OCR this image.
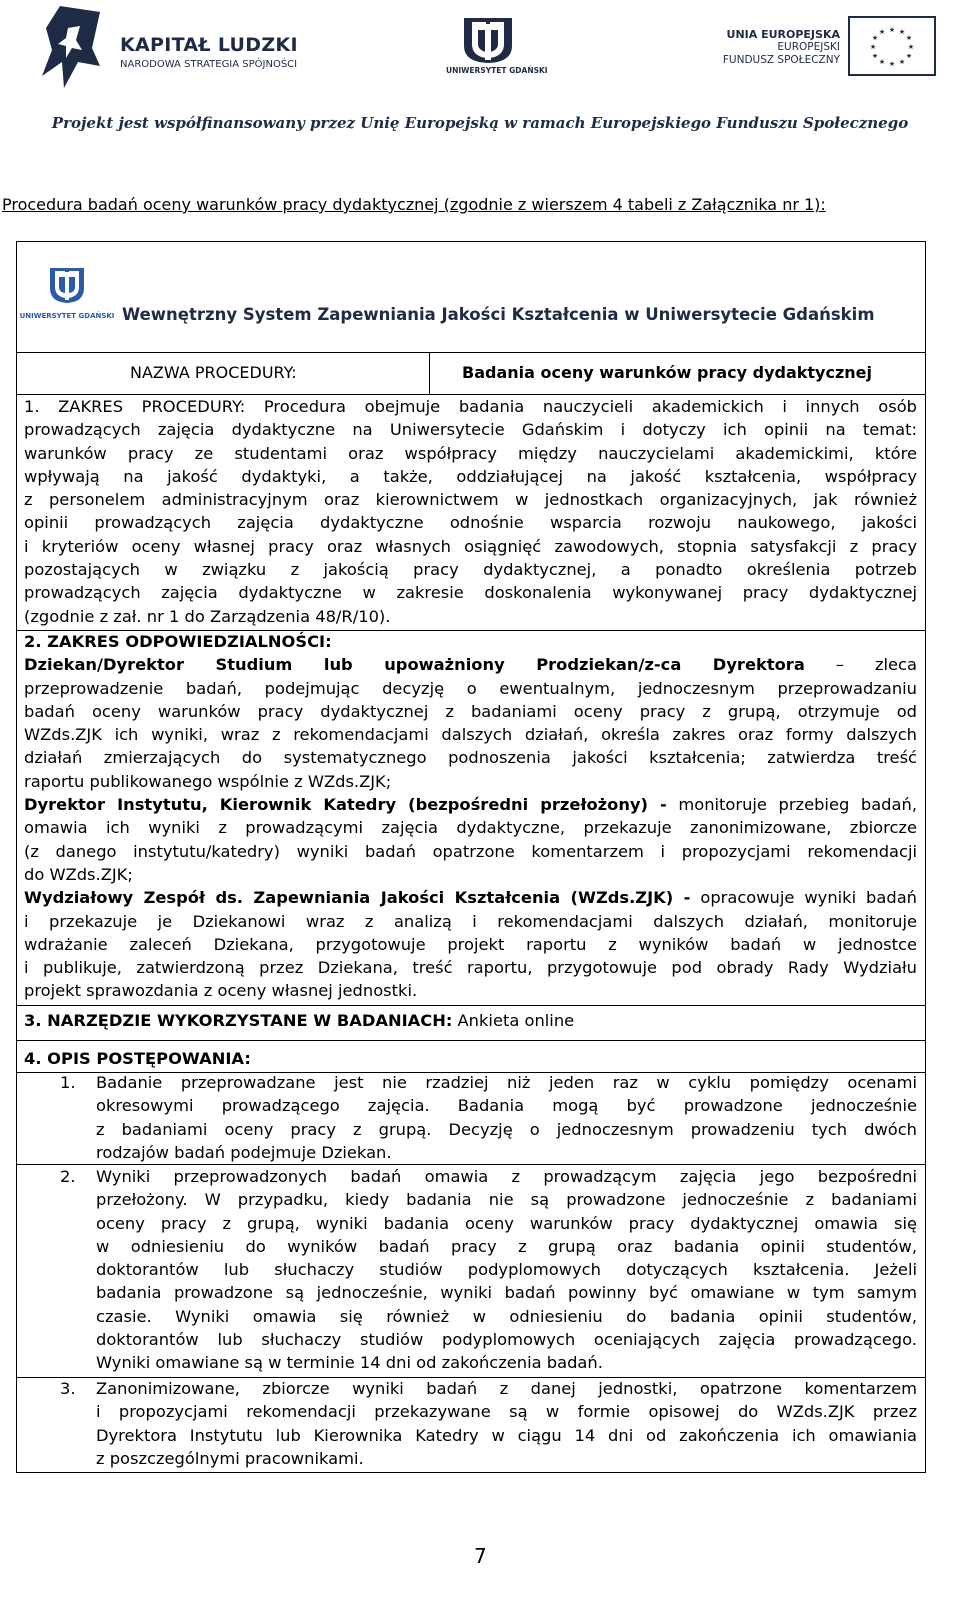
KAPITAŁ LUDZKI
NARODOWA STRATEGIA SPÓJNOŚCI
UNIWERSYTET GDAŃSKI
UNIA EUROPEJSKA
EUROPEJSKI
FUNDUSZ SPOŁECZNY
★ ★
★
★
★
★
★
★
★
★
★
★
Projekt jest współfinansowany przez Unię Europejską w ramach Europejskiego Funduszu Społecznego
Procedura badań oceny warunków pracy dydaktycznej (zgodnie z wierszem 4 tabeli z Załącznika nr 1):
UNIWERSYTET GDAŃSKI Wewnętrzny System Zapewniania Jakości Kształcenia w Uniwersytecie Gdańskim
NAZWA PROCEDURY:	Badania oceny warunków pracy dydaktycznej
1. ZAKRES PROCEDURY: Procedura obejmuje badania nauczycieli akademickich i innych osób
prowadzących zajęcia dydaktyczne na Uniwersytecie Gdańskim i dotyczy ich opinii na temat:
warunków pracy ze studentami oraz współpracy między nauczycielami akademickimi, które
wpływają na jakość dydaktyki, a także, oddziałującej na jakość kształcenia, współpracy
z personelem administracyjnym oraz kierownictwem w jednostkach organizacyjnych, jak również
opinii prowadzących zajęcia dydaktyczne odnośnie wsparcia rozwoju naukowego, jakości
i kryteriów oceny własnej pracy oraz własnych osiągnięć zawodowych, stopnia satysfakcji z pracy
pozostających w związku z jakością pracy dydaktycznej, a ponadto określenia potrzeb
prowadzących zajęcia dydaktyczne w zakresie doskonalenia wykonywanej pracy dydaktycznej
(zgodnie z zał. nr 1 do Zarządzenia 48/R/10).
2. ZAKRES ODPOWIEDZIALNOŚCI:
Dziekan/Dyrektor Studium lub upoważniony Prodziekan/z-ca Dyrektora – zleca
przeprowadzenie badań, podejmując decyzję o ewentualnym, jednoczesnym przeprowadzaniu
badań oceny warunków pracy dydaktycznej z badaniami oceny pracy z grupą, otrzymuje od
WZds.ZJK ich wyniki, wraz z rekomendacjami dalszych działań, określa zakres oraz formy dalszych
działań zmierzających do systematycznego podnoszenia jakości kształcenia; zatwierdza treść
raportu publikowanego wspólnie z WZds.ZJK;
Dyrektor Instytutu, Kierownik Katedry (bezpośredni przełożony) - monitoruje przebieg badań,
omawia ich wyniki z prowadzącymi zajęcia dydaktyczne, przekazuje zanonimizowane, zbiorcze
(z danego instytutu/katedry) wyniki badań opatrzone komentarzem i propozycjami rekomendacji
do WZds.ZJK;
Wydziałowy Zespół ds. Zapewniania Jakości Kształcenia (WZds.ZJK) - opracowuje wyniki badań
i przekazuje je Dziekanowi wraz z analizą i rekomendacjami dalszych działań, monitoruje
wdrażanie zaleceń Dziekana, przygotowuje projekt raportu z wyników badań w jednostce
i publikuje, zatwierdzoną przez Dziekana, treść raportu, przygotowuje pod obrady Rady Wydziału
projekt sprawozdania z oceny własnej jednostki.
3. NARZĘDZIE WYKORZYSTANE W BADANIACH: Ankieta online
4. OPIS POSTĘPOWANIA:
1. Badanie przeprowadzane jest nie rzadziej niż jeden raz w cyklu pomiędzy ocenami
okresowymi prowadzącego zajęcia. Badania mogą być prowadzone jednocześnie
z badaniami oceny pracy z grupą. Decyzję o jednoczesnym prowadzeniu tych dwóch
rodzajów badań podejmuje Dziekan.
2. Wyniki przeprowadzonych badań omawia z prowadzącym zajęcia jego bezpośredni
przełożony. W przypadku, kiedy badania nie są prowadzone jednocześnie z badaniami
oceny pracy z grupą, wyniki badania oceny warunków pracy dydaktycznej omawia się
w odniesieniu do wyników badań pracy z grupą oraz badania opinii studentów,
doktorantów lub słuchaczy studiów podyplomowych dotyczących kształcenia. Jeżeli
badania prowadzone są jednocześnie, wyniki badań powinny być omawiane w tym samym
czasie. Wyniki omawia się również w odniesieniu do badania opinii studentów,
doktorantów lub słuchaczy studiów podyplomowych oceniających zajęcia prowadzącego.
Wyniki omawiane są w terminie 14 dni od zakończenia badań.
3. Zanonimizowane, zbiorcze wyniki badań z danej jednostki, opatrzone komentarzem
i propozycjami rekomendacji przekazywane są w formie opisowej do WZds.ZJK przez
Dyrektora Instytutu lub Kierownika Katedry w ciągu 14 dni od zakończenia ich omawiania
z poszczególnymi pracownikami.
7
